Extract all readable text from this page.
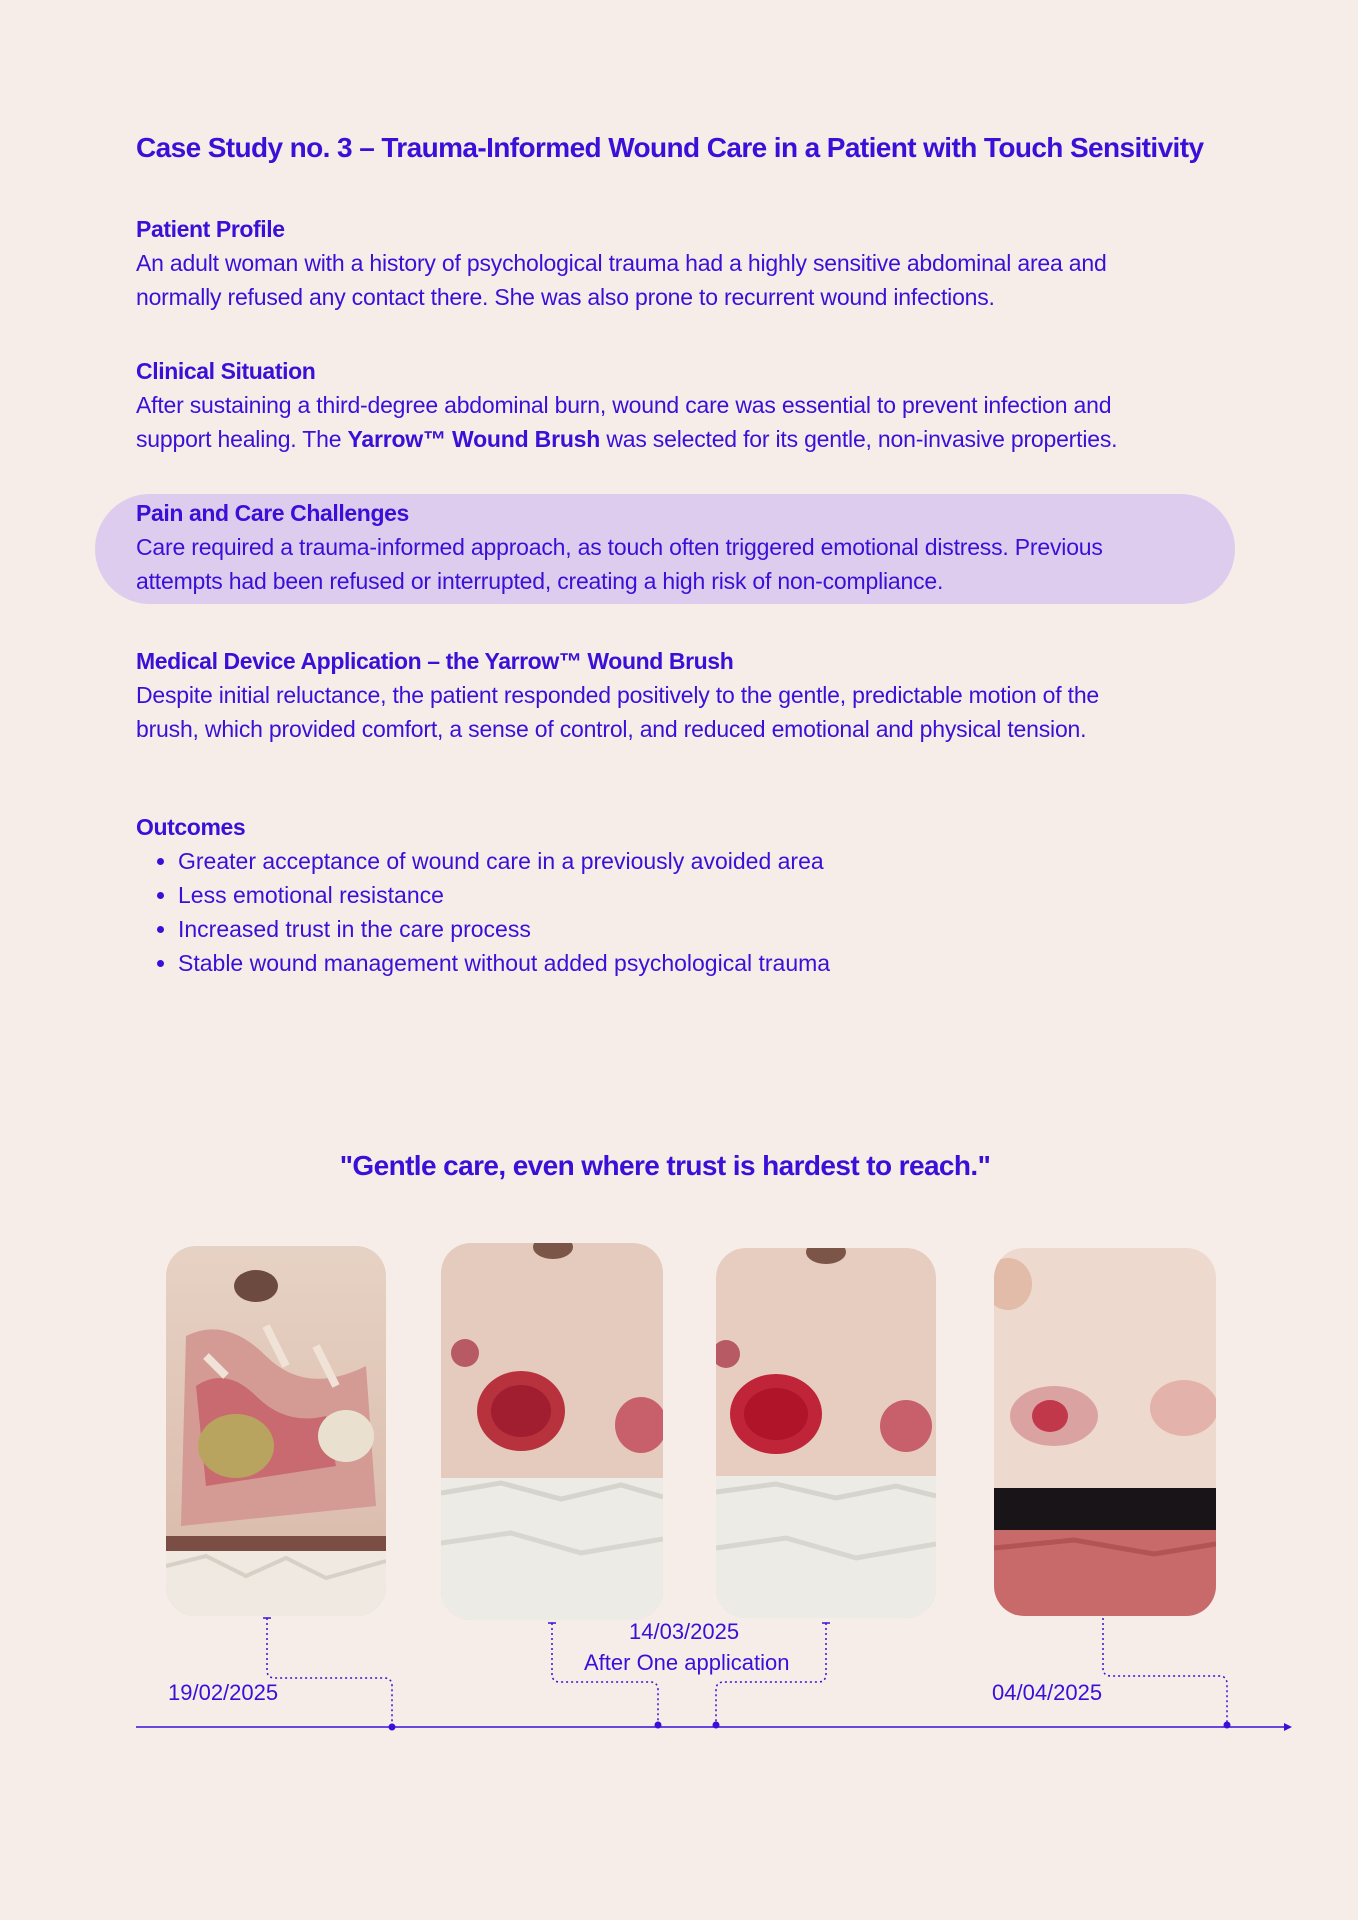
Case Study no. 3 – Trauma-Informed Wound Care in a Patient with Touch Sensitivity
Patient Profile

An adult woman with a history of psychological trauma had a highly sensitive abdominal area and

normally refused any contact there. She was also prone to recurrent wound infections.

Clinical Situation

After sustaining a third-degree abdominal burn, wound care was essential to prevent infection and

support healing. The Yarrow™ Wound Brush was selected for its gentle, non-invasive properties.

Pain and Care Challenges

Care required a trauma-informed approach, as touch often triggered emotional distress. Previous

attempts had been refused or interrupted, creating a high risk of non-compliance.

Medical Device Application – the Yarrow™ Wound Brush

Despite initial reluctance, the patient responded positively to the gentle, predictable motion of the

brush, which provided comfort, a sense of control, and reduced emotional and physical tension.

Outcomes
• Greater acceptance of wound care in a previously avoided area
• Less emotional resistance
• Increased trust in the care process
• Stable wound management without added psychological trauma
"Gentle care, even where trust is hardest to reach."
19/02/2025
14/03/2025
After One application
04/04/2025
